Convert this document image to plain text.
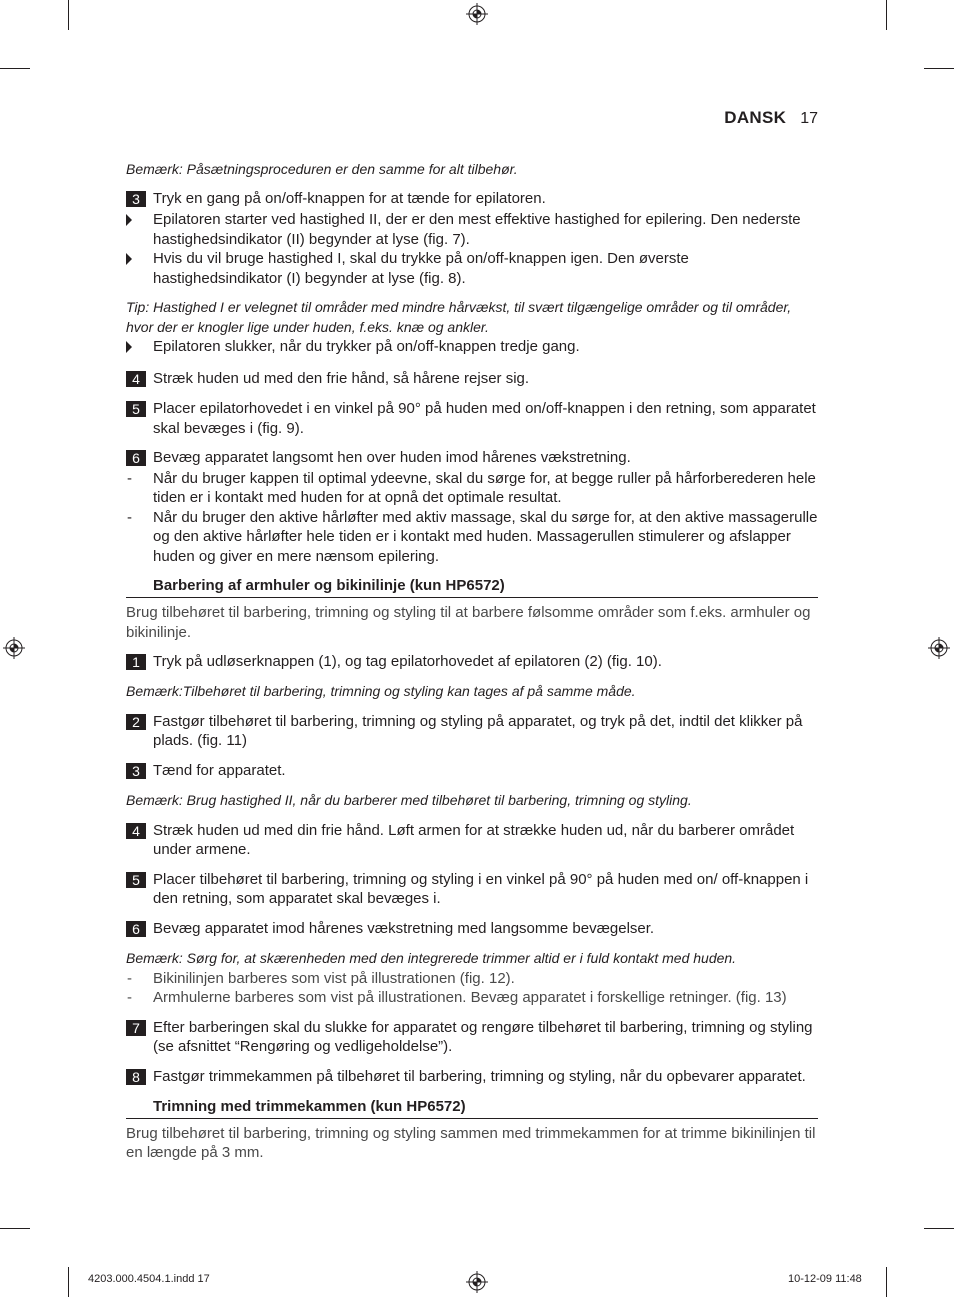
DANSK 17
Bemærk: Påsætningsproceduren er den samme for alt tilbehør.
3 Tryk en gang på on/off-knappen for at tænde for epilatoren.
Epilatoren starter ved hastighed II, der er den mest effektive hastighed for epilering. Den nederste hastighedsindikator (II) begynder at lyse (fig. 7).
Hvis du vil bruge hastighed I, skal du trykke på on/off-knappen igen. Den øverste hastighedsindikator (I) begynder at lyse (fig. 8).
Tip: Hastighed I er velegnet til områder med mindre hårvækst, til svært tilgængelige områder og til områder, hvor der er knogler lige under huden, f.eks. knæ og ankler.
Epilatoren slukker, når du trykker på on/off-knappen tredje gang.
4 Stræk huden ud med den frie hånd, så hårene rejser sig.
5 Placer epilatorhovedet i en vinkel på 90° på huden med on/off-knappen i den retning, som apparatet skal bevæges i (fig. 9).
6 Bevæg apparatet langsomt hen over huden imod hårenes vækstretning.
-	Når du bruger kappen til optimal ydeevne, skal du sørge for, at begge ruller på hårforberederen hele tiden er i kontakt med huden for at opnå det optimale resultat.
-	Når du bruger den aktive hårløfter med aktiv massage, skal du sørge for, at den aktive massagerulle og den aktive hårløfter hele tiden er i kontakt med huden. Massagerullen stimulerer og afslapper huden og giver en mere nænsom epilering.
Barbering af armhuler og bikinilinje (kun HP6572)
Brug tilbehøret til barbering, trimning og styling til at barbere følsomme områder som f.eks. armhuler og bikinilinje.
1 Tryk på udløserknappen (1), og tag epilatorhovedet af epilatoren (2) (fig. 10).
Bemærk:Tilbehøret til barbering, trimning og styling kan tages af på samme måde.
2 Fastgør tilbehøret til barbering, trimning og styling på apparatet, og tryk på det, indtil det klikker på plads. (fig. 11)
3 Tænd for apparatet.
Bemærk: Brug hastighed II, når du barberer med tilbehøret til barbering, trimning og styling.
4 Stræk huden ud med din frie hånd. Løft armen for at strække huden ud, når du barberer området under armene.
5 Placer tilbehøret til barbering, trimning og styling i en vinkel på 90° på huden med on/ off-knappen i den retning, som apparatet skal bevæges i.
6 Bevæg apparatet imod hårenes vækstretning med langsomme bevægelser.
Bemærk: Sørg for, at skærenheden med den integrerede trimmer altid er i fuld kontakt med huden.
-	Bikinilinjen barberes som vist på illustrationen (fig. 12).
-	Armhulerne barberes som vist på illustrationen. Bevæg apparatet i forskellige retninger. (fig. 13)
7 Efter barberingen skal du slukke for apparatet og rengøre tilbehøret til barbering, trimning og styling (se afsnittet “Rengøring og vedligeholdelse”).
8 Fastgør trimmekammen på tilbehøret til barbering, trimning og styling, når du opbevarer apparatet.
Trimning med trimmekammen (kun HP6572)
Brug tilbehøret til barbering, trimning og styling sammen med trimmekammen for at trimme bikinilinjen til en længde på 3 mm.
4203.000.4504.1.indd 17	10-12-09 11:48
